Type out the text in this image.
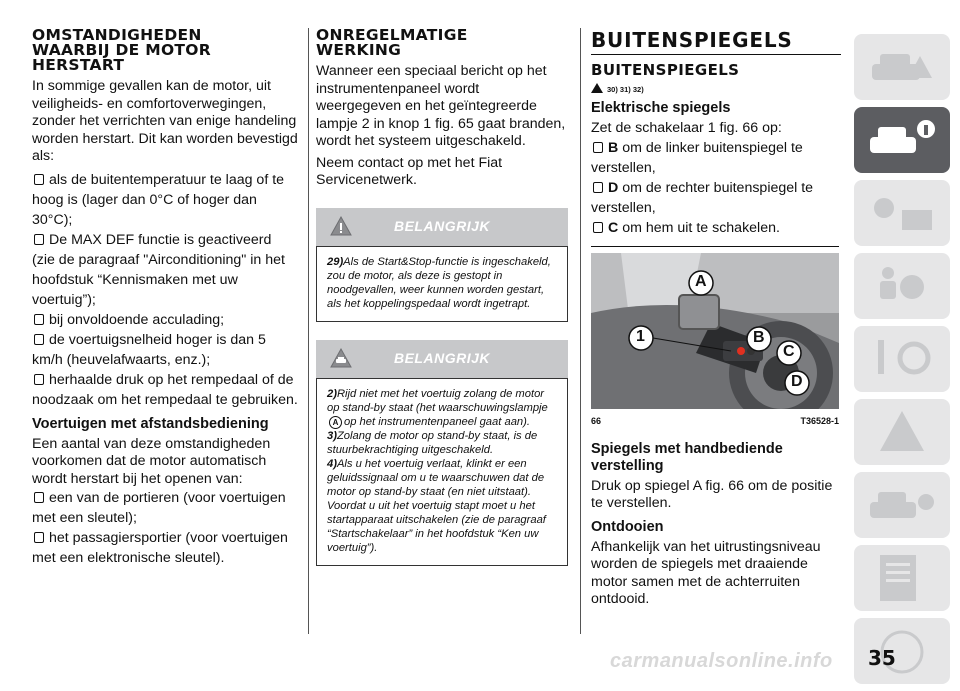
OMSTANDIGHEDEN
WAARBIJ DE MOTOR
HERSTART
In sommige gevallen kan de motor, uit veiligheids- en comfortoverwegingen, zonder het verrichten van enige handeling worden herstart. Dit kan worden bevestigd als:
als de buitentemperatuur te laag of te hoog is (lager dan 0°C of hoger dan 30°C);
De MAX DEF functie is geactiveerd (zie de paragraaf "Airconditioning" in het hoofdstuk “Kennismaken met uw voertuig”);
bij onvoldoende acculading;
de voertuigsnelheid hoger is dan 5 km/h (heuvelafwaarts, enz.);
herhaalde druk op het rempedaal of de noodzaak om het rempedaal te gebruiken.
Voertuigen met afstandsbediening
Een aantal van deze omstandigheden voorkomen dat de motor automatisch wordt herstart bij het openen van:
een van de portieren (voor voertuigen met een sleutel);
het passagiersportier (voor voertuigen met een elektronische sleutel).
ONREGELMATIGE
WERKING
Wanneer een speciaal bericht op het instrumentenpaneel wordt weergegeven en het geïntegreerde lampje 2 in knop 1 fig. 65 gaat branden, wordt het systeem uitgeschakeld.
Neem contact op met het Fiat Servicenetwerk.
BELANGRIJK
29)Als de Start&Stop-functie is ingeschakeld, zou de motor, als deze is gestopt in noodgevallen, weer kunnen worden gestart, als het koppelingspedaal wordt ingetrapt.
BELANGRIJK
2)Rijd niet met het voertuig zolang de motor op stand-by staat (het waarschuwingslampjeA op het instrumentenpaneel gaat aan).
3)Zolang de motor op stand-by staat, is de stuurbekrachtiging uitgeschakeld.
4)Als u het voertuig verlaat, klinkt er een geluidssignaal om u te waarschuwen dat de motor op stand-by staat (en niet uitstaat). Voordat u uit het voertuig stapt moet u het startapparaat uitschakelen (zie de paragraaf “Startschakelaar” in het hoofdstuk “Ken uw voertuig”).
BUITENSPIEGELS
BUITENSPIEGELS
30) 31) 32)
Elektrische spiegels
Zet de schakelaar 1 fig. 66 op:
B om de linker buitenspiegel te verstellen,
D om de rechter buitenspiegel te verstellen,
C om hem uit te schakelen.
A
1	B
C
D
66	T36528-1
Spiegels met handbediende verstelling
Druk op spiegel A fig. 66 om de positie te verstellen.
Ontdooien
Afhankelijk van het uitrustingsniveau worden de spiegels met draaiende motor samen met de achterruiten ontdooid.
35
carmanualsonline.info
